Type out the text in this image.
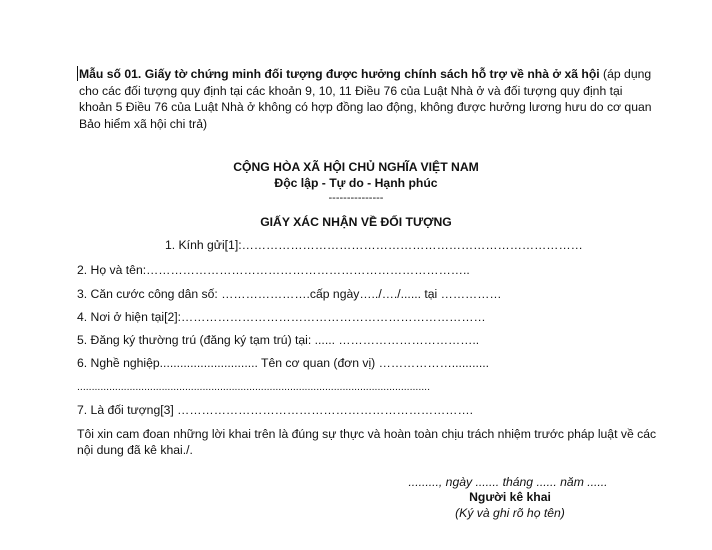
Mẫu số 01. Giấy tờ chứng minh đối tượng được hưởng chính sách hỗ trợ về nhà ở xã hội (áp dụng cho các đối tượng quy định tại các khoản 9, 10, 11 Điều 76 của Luật Nhà ở và đối tượng quy định tại khoản 5 Điều 76 của Luật Nhà ở không có hợp đồng lao động, không được hưởng lương hưu do cơ quan Bảo hiểm xã hội chi trả)
CỘNG HÒA XÃ HỘI CHỦ NGHĨA VIỆT NAM
Độc lập - Tự do - Hạnh phúc
---------------
GIẤY XÁC NHẬN VỀ ĐỐI TƯỢNG
1. Kính gửi[1]:…………………………………………………………………………
2. Họ và tên:……………………………………………………………………..
3. Căn cước công dân số: ………………….cấp ngày…../…./...... tại ……………
4. Nơi ở hiện tại[2]:…………………………………………………………………
5. Đăng ký thường trú (đăng ký tạm trú) tại: ...... ……………………………..
6. Nghề nghiệp............................. Tên cơ quan (đơn vị) ………………...........
.........................................................................................................................
7. Là đối tượng[3] ……………………………………………………………….
Tôi xin cam đoan những lời khai trên là đúng sự thực và hoàn toàn chịu trách nhiệm trước pháp luật về các
nội dung đã kê khai./.
........., ngày ....... tháng ...... năm ......
Người kê khai
(Ký và ghi rõ họ tên)
